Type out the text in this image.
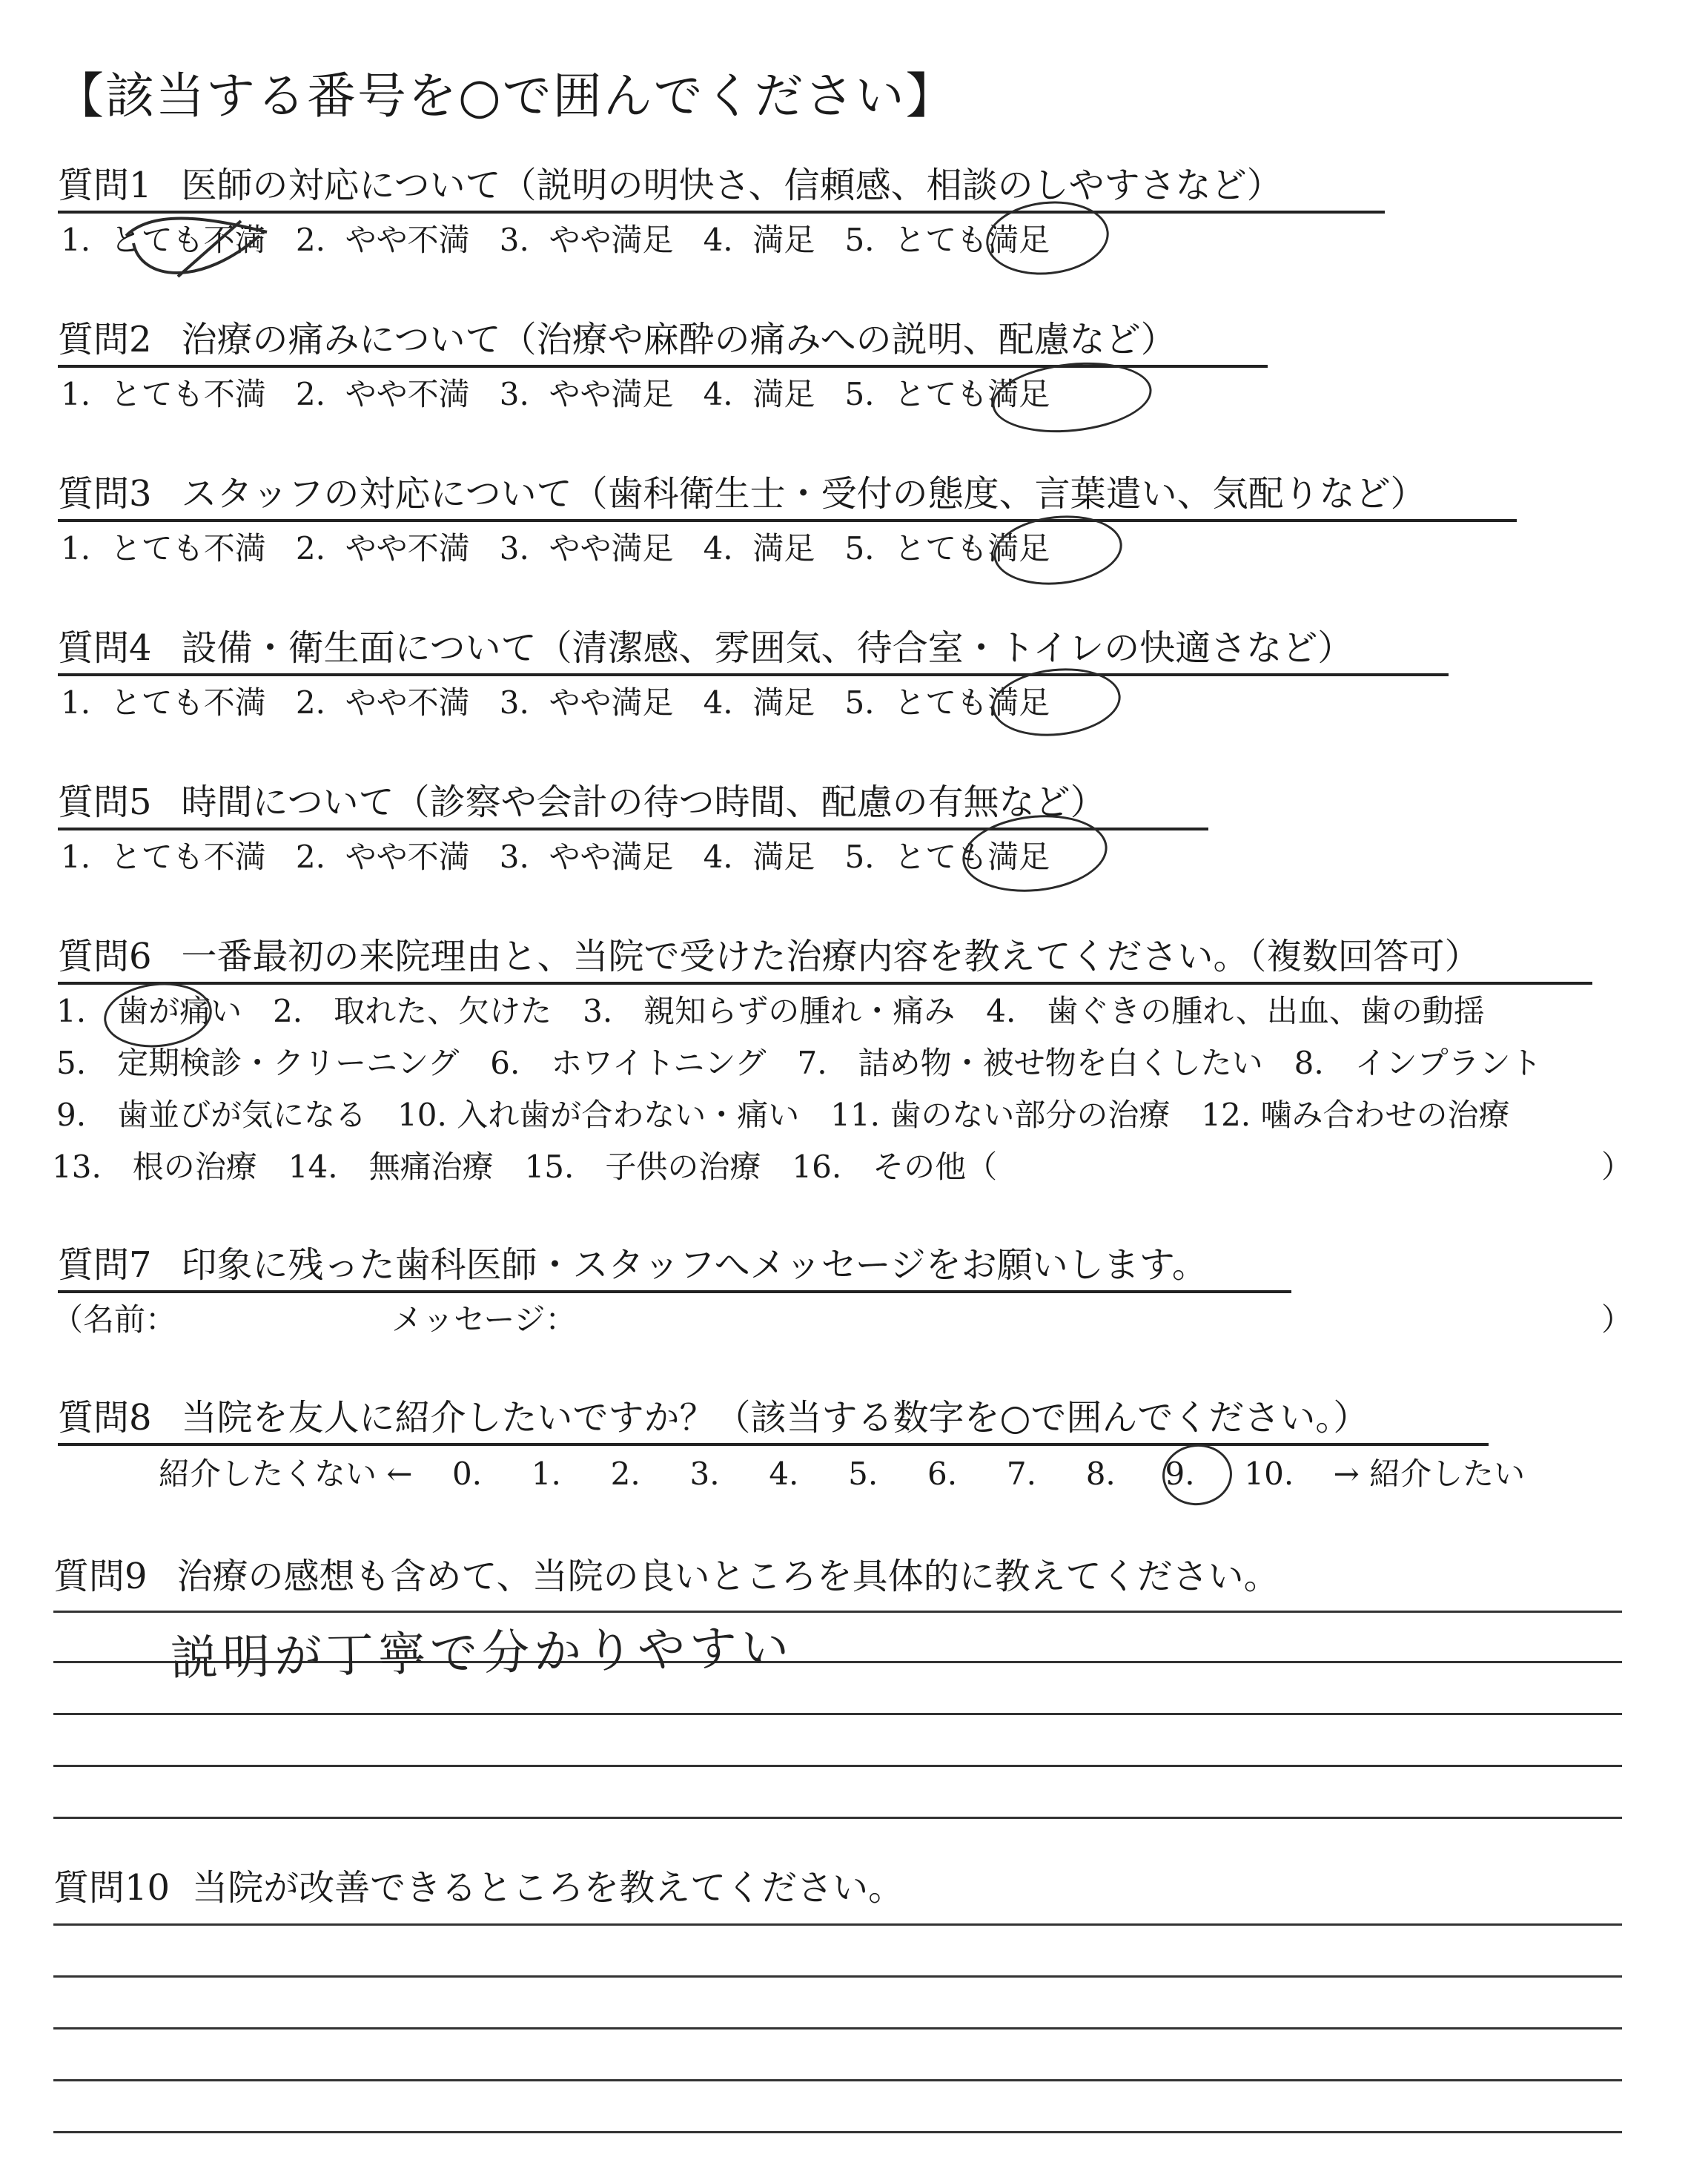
【該当する番号を○で囲んでください】
質問1 医師の対応について（説明の明快さ、信頼感、相談のしやすさなど）
1. とても不満 2. やや不満 3. やや満足 4. 満足 5. とても満足
質問2 治療の痛みについて（治療や麻酔の痛みへの説明、配慮など）
1. とても不満 2. やや不満 3. やや満足 4. 満足 5. とても満足
質問3 スタッフの対応について（歯科衛生士・受付の態度、言葉遣い、気配りなど）
1. とても不満 2. やや不満 3. やや満足 4. 満足 5. とても満足
質問4 設備・衛生面について（清潔感、雰囲気、待合室・トイレの快適さなど）
1. とても不満 2. やや不満 3. やや満足 4. 満足 5. とても満足
質問5 時間について（診察や会計の待つ時間、配慮の有無など）
1. とても不満 2. やや不満 3. やや満足 4. 満足 5. とても満足
質問6 一番最初の来院理由と、当院で受けた治療内容を教えてください。（複数回答可）
1.　歯が痛い　2.　取れた、欠けた　3.　親知らずの腫れ・痛み　4.　歯ぐきの腫れ、出血、歯の動揺
5.　定期検診・クリーニング　6.　ホワイトニング　7.　詰め物・被せ物を白くしたい　8.　インプラント
9.　歯並びが気になる　10. 入れ歯が合わない・痛い　11. 歯のない部分の治療　12. 噛み合わせの治療
13.　根の治療　14.　無痛治療　15.　子供の治療　16.　その他（	）
質問7 印象に残った歯科医師・スタッフへメッセージをお願いします。
（名前：	メッセージ：	）
質問8 当院を友人に紹介したいですか？（該当する数字を○で囲んでください。）
紹介したくない ← 0. 1. 2. 3. 4. 5. 6. 7. 8. 9. 10. → 紹介したい
質問9 治療の感想も含めて、当院の良いところを具体的に教えてください。
説明が丁寧で分かりやすい
質問10 当院が改善できるところを教えてください。
